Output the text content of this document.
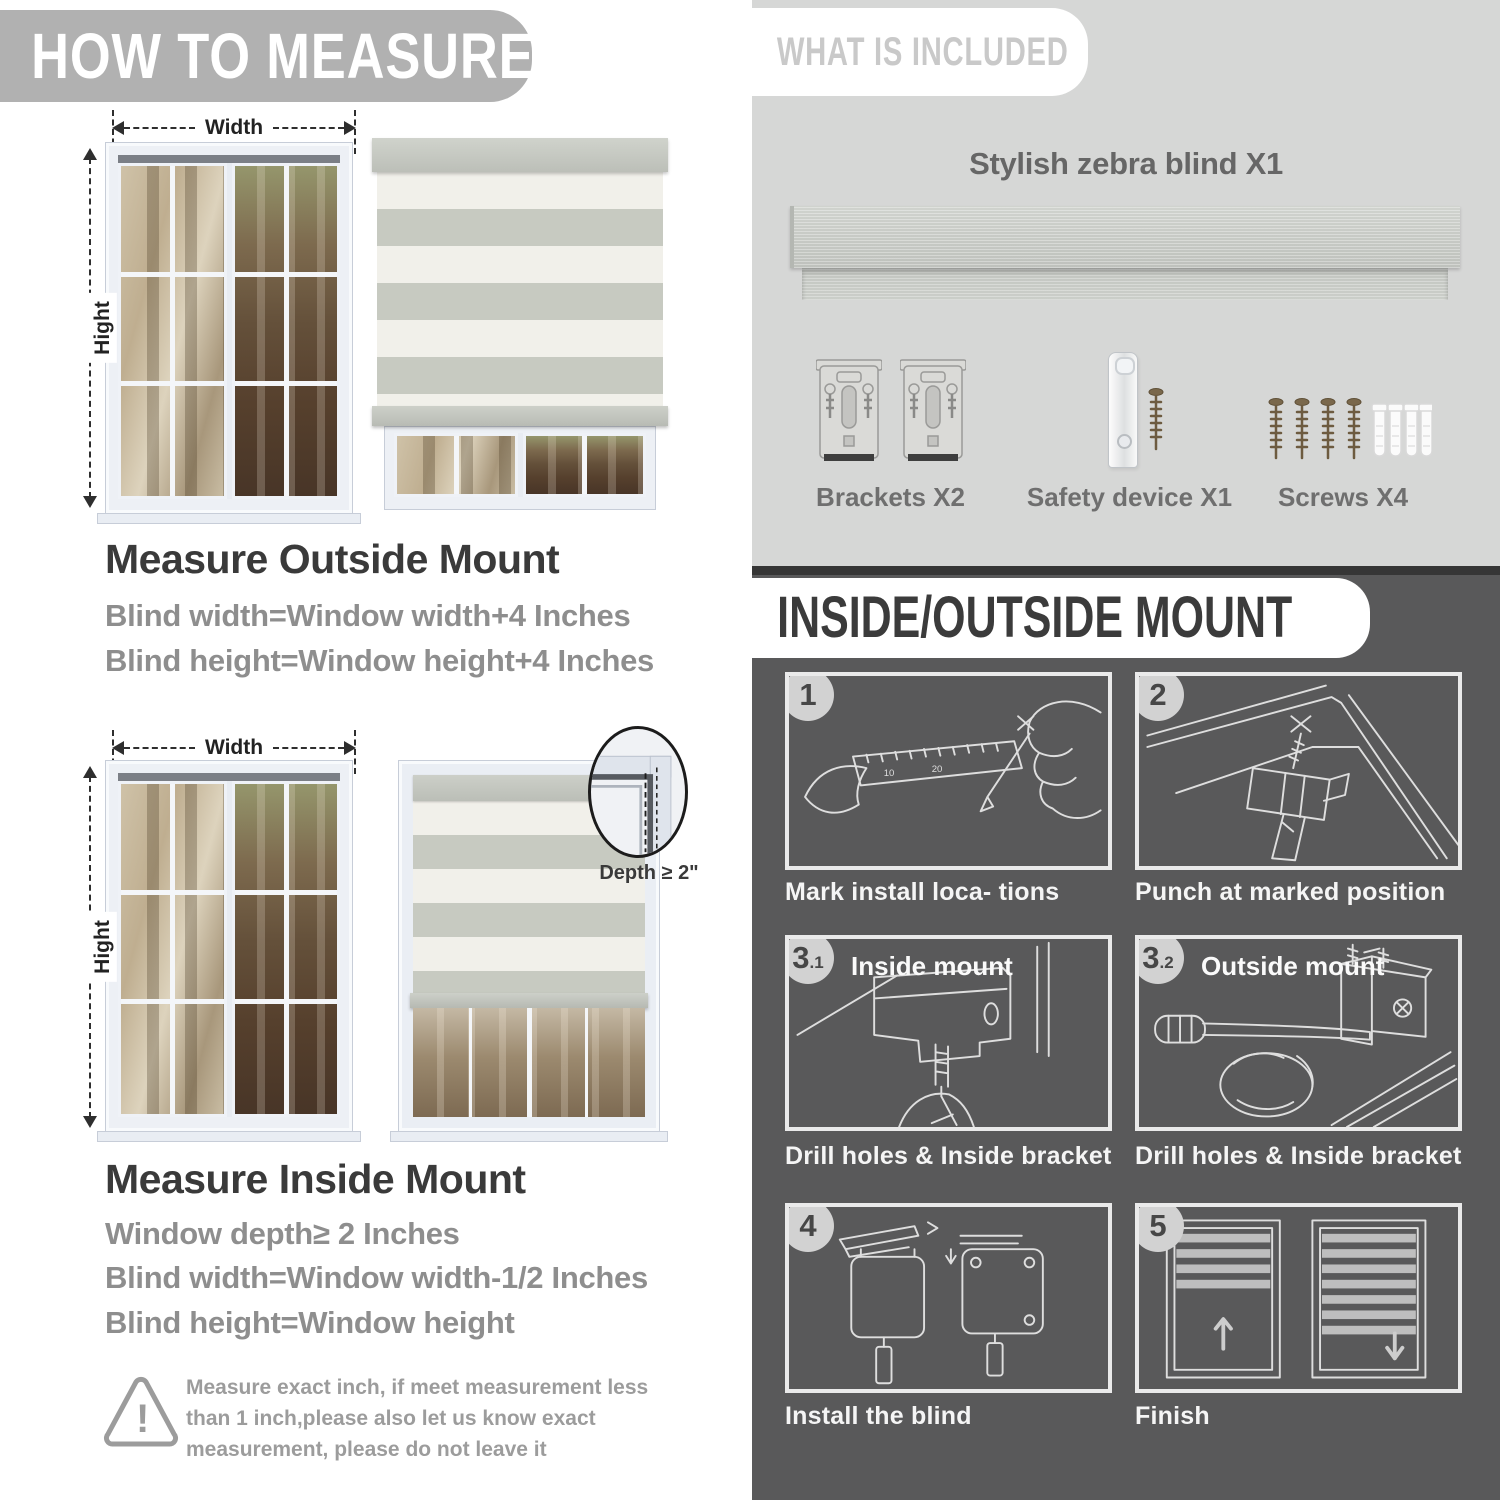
HOW TO MEASURE
Width
Hight
Measure Outside Mount
Blind width=Window width+4 Inches
Blind height=Window height+4 Inches
Width
Hight
Depth ≥ 2"
Measure Inside Mount
Window depth≥ 2 Inches
Blind width=Window width-1/2 Inches
Blind height=Window height
!
Measure exact inch, if meet measurement less than 1 inch,please also let us know exact measurement, please do not leave it
WHAT IS INCLUDED
Stylish zebra blind X1
Brackets X2	Safety device X1	Screws X4
INSIDE/OUTSIDE MOUNT
10	20
1
Mark install loca- tions
2
Punch at marked position
3 .1 Inside mount
Drill holes & Inside bracket
3 .2 Outside mount
Drill holes & Inside bracket
4
Install the blind
5
Finish
